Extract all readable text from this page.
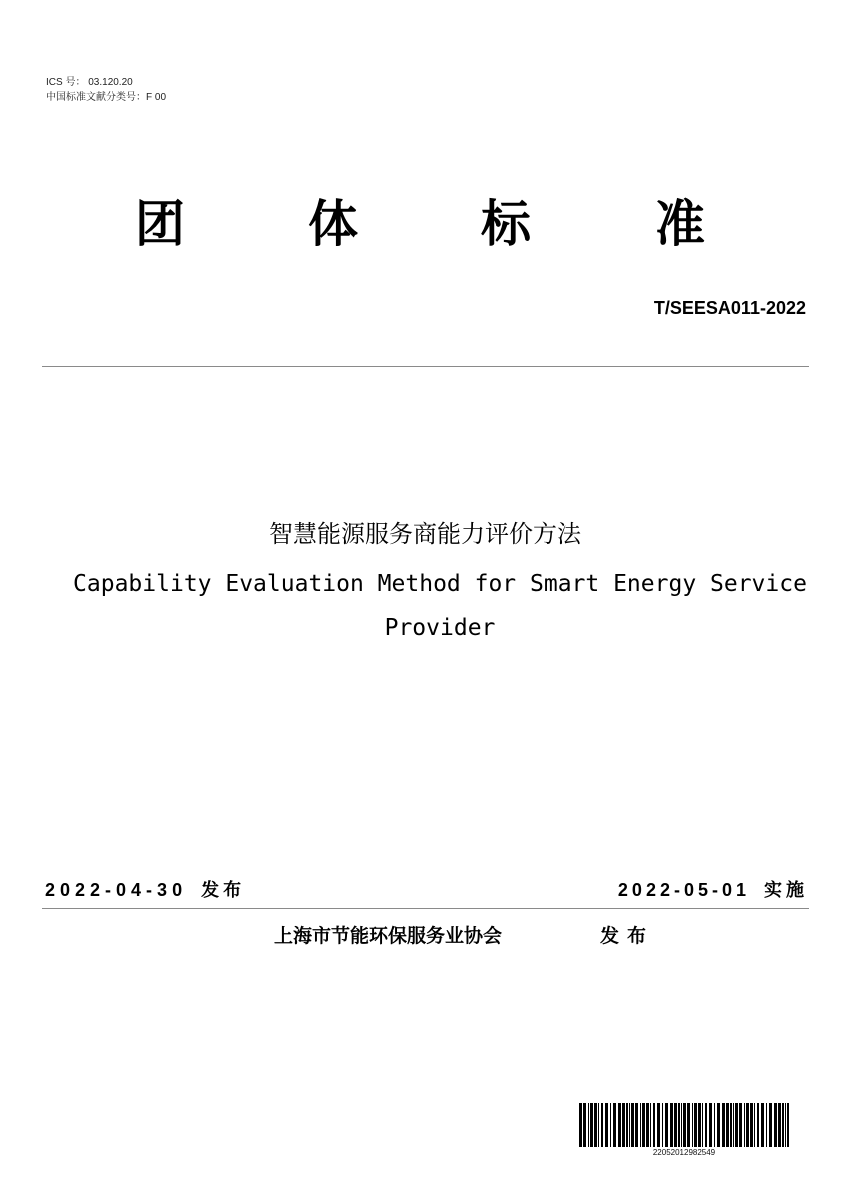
ICS 号： 03.120.20
中国标准文献分类号：F 00
团 体 标 准
T/SEESA011-2022
智慧能源服务商能力评价方法
Capability Evaluation Method for Smart Energy Service Provider
2022-04-30 发布	2022-05-01 实施
上海市节能环保服务业协会	发布
22052012982549
